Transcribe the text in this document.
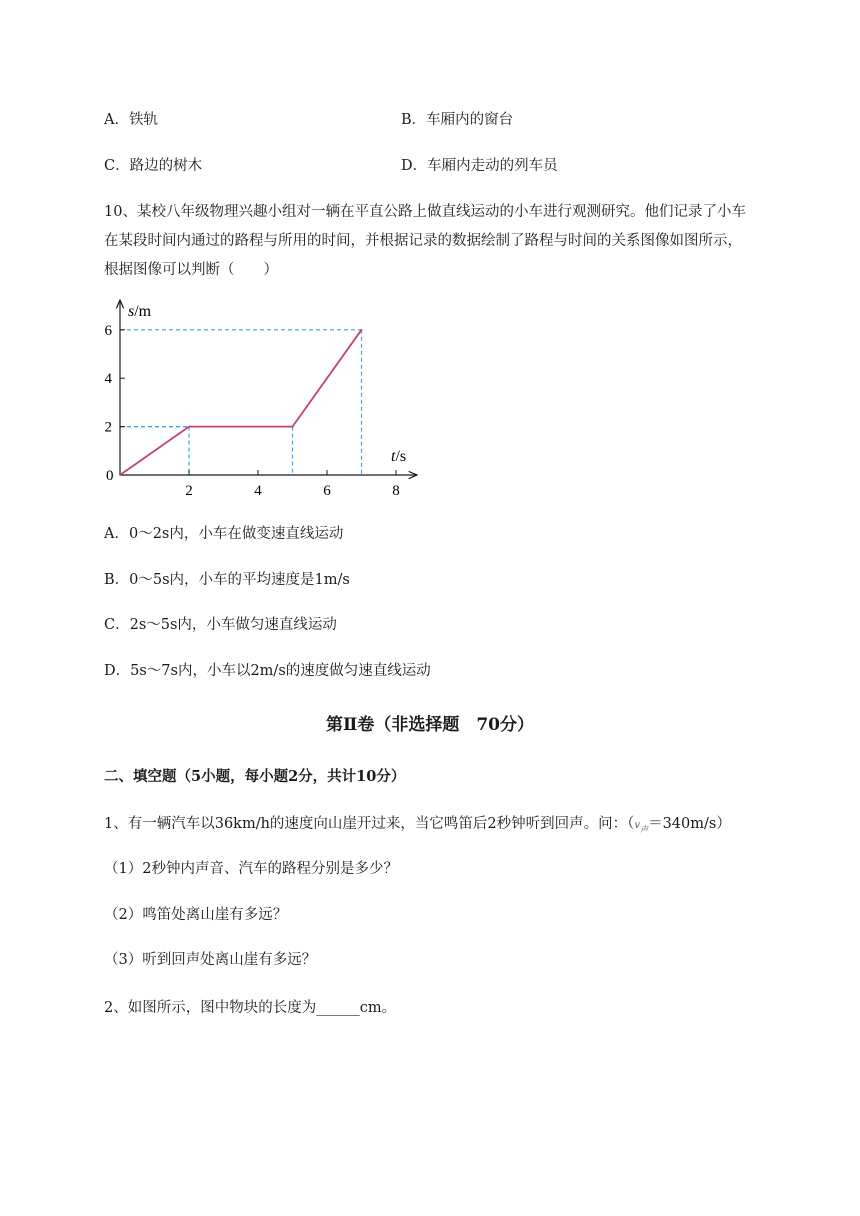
A．铁轨	B．车厢内的窗台
C．路边的树木	D．车厢内走动的列车员
10、某校八年级物理兴趣小组对一辆在平直公路上做直线运动的小车进行观测研究。他们记录了小车
在某段时间内通过的路程与所用的时间，并根据记录的数据绘制了路程与时间的关系图像如图所示，
根据图像可以判断（　　）
2	4	6	8
2
4
6
0
s/m
t/s
A．0～2s内，小车在做变速直线运动
B．0～5s内，小车的平均速度是1m/s
C．2s～5s内，小车做匀速直线运动
D．5s～7s内，小车以2m/s的速度做匀速直线运动
第Ⅱ卷（非选择题　70分）
二、填空题（5小题，每小题2分，共计10分）
1、有一辆汽车以36km/h的速度向山崖开过来，当它鸣笛后2秒钟听到回声。问：$(v_声=340m/s)$
（1）2秒钟内声音、汽车的路程分别是多少？
（2）鸣笛处离山崖有多远？
（3）听到回声处离山崖有多远？
2、如图所示，图中物块的长度为______cm。
